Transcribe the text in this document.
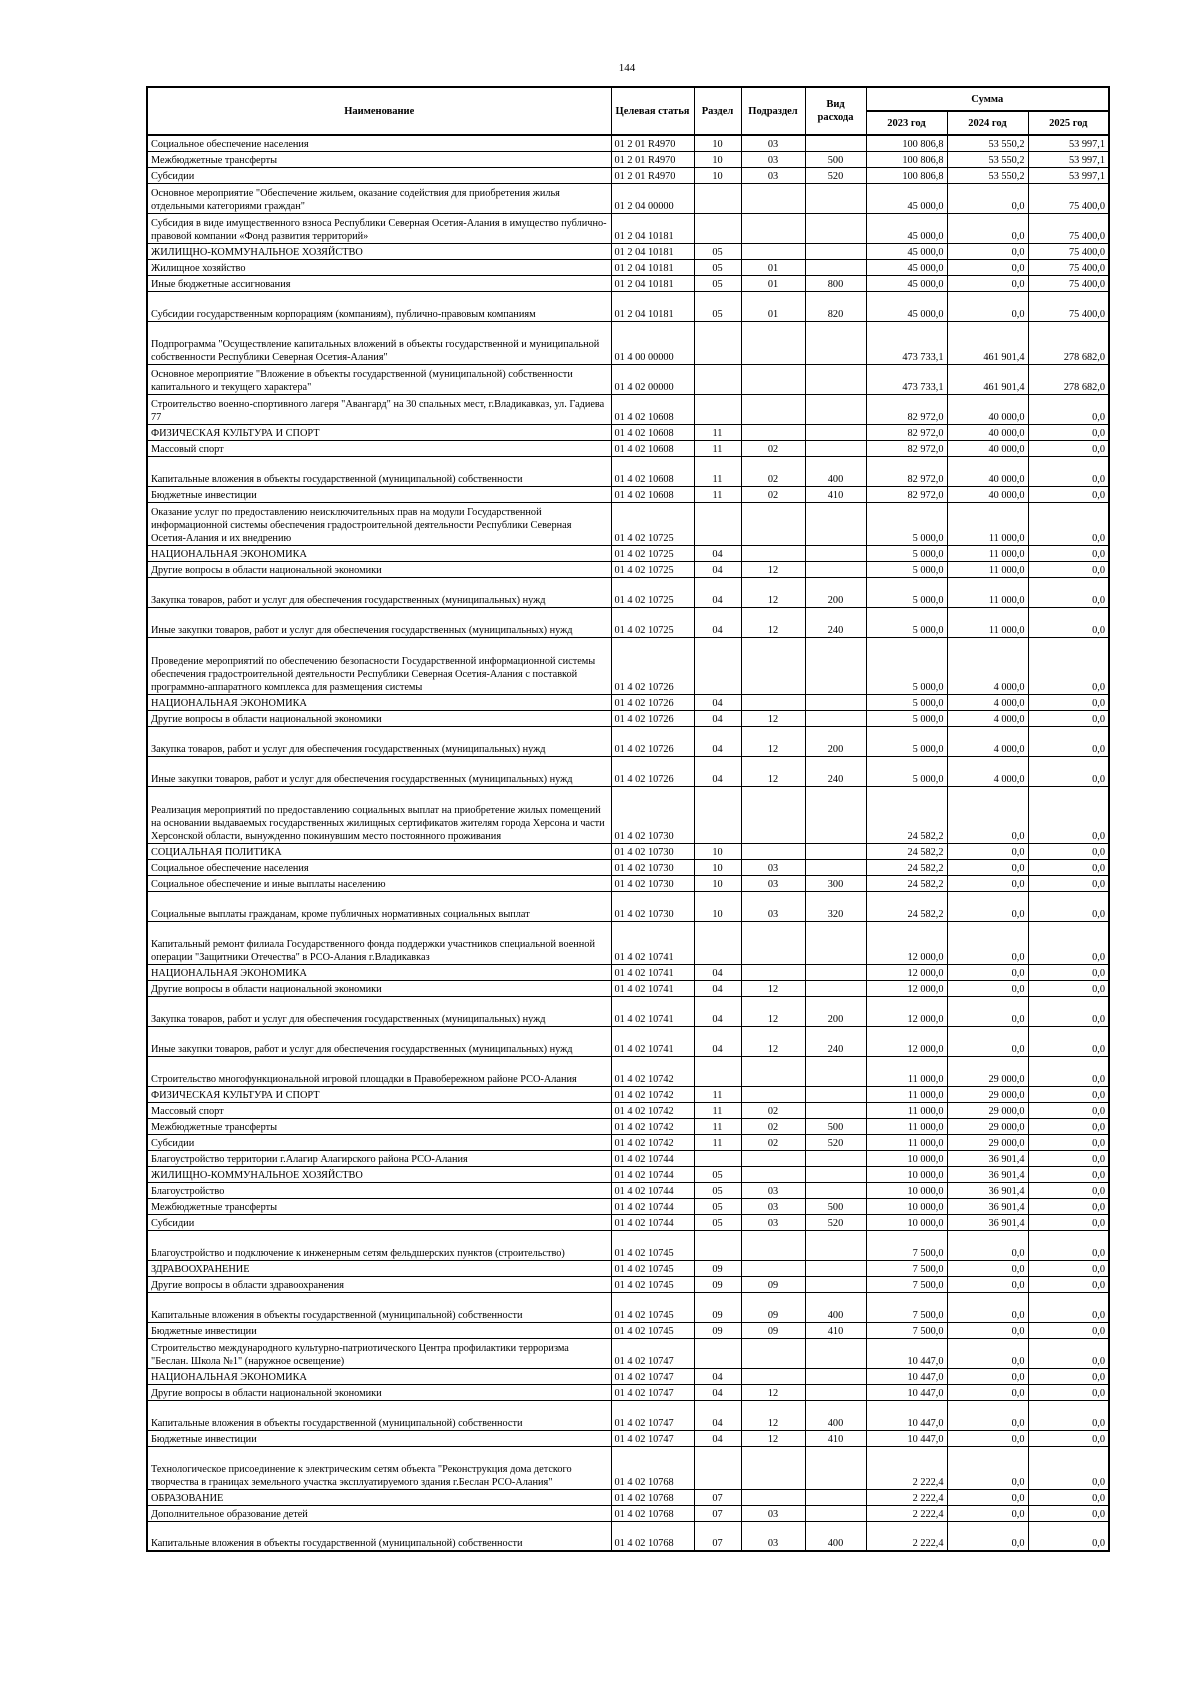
144
Наименование	Целевая статья	Раздел	Подраздел	Вид расхода	Сумма		
					2023 год	2024 год	2025 год
Социальное обеспечение населения	01 2 01 R4970	10	03		100 806,8	53 550,2	53 997,1
Межбюджетные трансферты	01 2 01 R4970	10	03	500	100 806,8	53 550,2	53 997,1
Субсидии	01 2 01 R4970	10	03	520	100 806,8	53 550,2	53 997,1
Основное мероприятие "Обеспечение жильем, оказание содействия для приобретения жилья отдельными категориями граждан"	01 2 04 00000				45 000,0	0,0	75 400,0
Субсидия в виде имущественного взноса Республики Северная Осетия-Алания в имущество публично-правовой компании «Фонд развития территорий»	01 2 04 10181				45 000,0	0,0	75 400,0
ЖИЛИЩНО-КОММУНАЛЬНОЕ ХОЗЯЙСТВО	01 2 04 10181	05			45 000,0	0,0	75 400,0
Жилищное хозяйство	01 2 04 10181	05	01		45 000,0	0,0	75 400,0
Иные бюджетные ассигнования	01 2 04 10181	05	01	800	45 000,0	0,0	75 400,0
Субсидии государственным корпорациям (компаниям), публично-правовым компаниям	01 2 04 10181	05	01	820	45 000,0	0,0	75 400,0
Подпрограмма "Осуществление капитальных вложений в объекты государственной и муниципальной собственности Республики Северная Осетия-Алания"	01 4 00 00000				473 733,1	461 901,4	278 682,0
Основное мероприятие "Вложение в объекты государственной (муниципальной) собственности капитального и текущего характера"	01 4 02 00000				473 733,1	461 901,4	278 682,0
Строительство военно-спортивного лагеря "Авангард" на 30 спальных мест, г.Владикавказ, ул. Гадиева 77	01 4 02 10608				82 972,0	40 000,0	0,0
ФИЗИЧЕСКАЯ КУЛЬТУРА И СПОРТ	01 4 02 10608	11			82 972,0	40 000,0	0,0
Массовый спорт	01 4 02 10608	11	02		82 972,0	40 000,0	0,0
Капитальные вложения в объекты государственной (муниципальной) собственности	01 4 02 10608	11	02	400	82 972,0	40 000,0	0,0
Бюджетные инвестиции	01 4 02 10608	11	02	410	82 972,0	40 000,0	0,0
Оказание услуг по предоставлению неисключительных прав на модули Государственной информационной системы обеспечения градостроительной деятельности Республики Северная Осетия-Алания и их внедрению	01 4 02 10725				5 000,0	11 000,0	0,0
НАЦИОНАЛЬНАЯ ЭКОНОМИКА	01 4 02 10725	04			5 000,0	11 000,0	0,0
Другие вопросы в области национальной экономики	01 4 02 10725	04	12		5 000,0	11 000,0	0,0
Закупка товаров, работ и услуг для обеспечения государственных (муниципальных) нужд	01 4 02 10725	04	12	200	5 000,0	11 000,0	0,0
Иные закупки товаров, работ и услуг для обеспечения государственных (муниципальных) нужд	01 4 02 10725	04	12	240	5 000,0	11 000,0	0,0
Проведение мероприятий по обеспечению безопасности Государственной информационной системы обеспечения градостроительной деятельности Республики Северная Осетия-Алания с поставкой программно-аппаратного комплекса для размещения системы	01 4 02 10726				5 000,0	4 000,0	0,0
НАЦИОНАЛЬНАЯ ЭКОНОМИКА	01 4 02 10726	04			5 000,0	4 000,0	0,0
Другие вопросы в области национальной экономики	01 4 02 10726	04	12		5 000,0	4 000,0	0,0
Закупка товаров, работ и услуг для обеспечения государственных (муниципальных) нужд	01 4 02 10726	04	12	200	5 000,0	4 000,0	0,0
Иные закупки товаров, работ и услуг для обеспечения государственных (муниципальных) нужд	01 4 02 10726	04	12	240	5 000,0	4 000,0	0,0
Реализация мероприятий по предоставлению социальных выплат на приобретение жилых помещений на основании выдаваемых государственных жилищных сертификатов жителям города Херсона и части Херсонской области, вынужденно покинувшим место постоянного проживания	01 4 02 10730				24 582,2	0,0	0,0
СОЦИАЛЬНАЯ ПОЛИТИКА	01 4 02 10730	10			24 582,2	0,0	0,0
Социальное обеспечение населения	01 4 02 10730	10	03		24 582,2	0,0	0,0
Социальное обеспечение и иные выплаты населению	01 4 02 10730	10	03	300	24 582,2	0,0	0,0
Социальные выплаты гражданам, кроме публичных нормативных социальных выплат	01 4 02 10730	10	03	320	24 582,2	0,0	0,0
Капитальный ремонт филиала Государственного фонда поддержки участников специальной военной операции "Защитники Отечества" в РСО-Алания г.Владикавказ	01 4 02 10741				12 000,0	0,0	0,0
НАЦИОНАЛЬНАЯ ЭКОНОМИКА	01 4 02 10741	04			12 000,0	0,0	0,0
Другие вопросы в области национальной экономики	01 4 02 10741	04	12		12 000,0	0,0	0,0
Закупка товаров, работ и услуг для обеспечения государственных (муниципальных) нужд	01 4 02 10741	04	12	200	12 000,0	0,0	0,0
Иные закупки товаров, работ и услуг для обеспечения государственных (муниципальных) нужд	01 4 02 10741	04	12	240	12 000,0	0,0	0,0
Строительство многофункциональной игровой площадки в Правобережном районе РСО-Алания	01 4 02 10742				11 000,0	29 000,0	0,0
ФИЗИЧЕСКАЯ КУЛЬТУРА И СПОРТ	01 4 02 10742	11			11 000,0	29 000,0	0,0
Массовый спорт	01 4 02 10742	11	02		11 000,0	29 000,0	0,0
Межбюджетные трансферты	01 4 02 10742	11	02	500	11 000,0	29 000,0	0,0
Субсидии	01 4 02 10742	11	02	520	11 000,0	29 000,0	0,0
Благоустройство территории г.Алагир Алагирского района РСО-Алания	01 4 02 10744				10 000,0	36 901,4	0,0
ЖИЛИЩНО-КОММУНАЛЬНОЕ ХОЗЯЙСТВО	01 4 02 10744	05			10 000,0	36 901,4	0,0
Благоустройство	01 4 02 10744	05	03		10 000,0	36 901,4	0,0
Межбюджетные трансферты	01 4 02 10744	05	03	500	10 000,0	36 901,4	0,0
Субсидии	01 4 02 10744	05	03	520	10 000,0	36 901,4	0,0
Благоустройство и подключение к инженерным сетям фельдшерских пунктов (строительство)	01 4 02 10745				7 500,0	0,0	0,0
ЗДРАВООХРАНЕНИЕ	01 4 02 10745	09			7 500,0	0,0	0,0
Другие вопросы в области здравоохранения	01 4 02 10745	09	09		7 500,0	0,0	0,0
Капитальные вложения в объекты государственной (муниципальной) собственности	01 4 02 10745	09	09	400	7 500,0	0,0	0,0
Бюджетные инвестиции	01 4 02 10745	09	09	410	7 500,0	0,0	0,0
Строительство международного культурно-патриотического Центра профилактики терроризма "Беслан. Школа №1" (наружное освещение)	01 4 02 10747				10 447,0	0,0	0,0
НАЦИОНАЛЬНАЯ ЭКОНОМИКА	01 4 02 10747	04			10 447,0	0,0	0,0
Другие вопросы в области национальной экономики	01 4 02 10747	04	12		10 447,0	0,0	0,0
Капитальные вложения в объекты государственной (муниципальной) собственности	01 4 02 10747	04	12	400	10 447,0	0,0	0,0
Бюджетные инвестиции	01 4 02 10747	04	12	410	10 447,0	0,0	0,0
Технологическое присоединение к электрическим сетям объекта "Реконструкция дома детского творчества в границах земельного участка эксплуатируемого здания г.Беслан РСО-Алания"	01 4 02 10768				2 222,4	0,0	0,0
ОБРАЗОВАНИЕ	01 4 02 10768	07			2 222,4	0,0	0,0
Дополнительное образование детей	01 4 02 10768	07	03		2 222,4	0,0	0,0
Капитальные вложения в объекты государственной (муниципальной) собственности	01 4 02 10768	07	03	400	2 222,4	0,0	0,0
